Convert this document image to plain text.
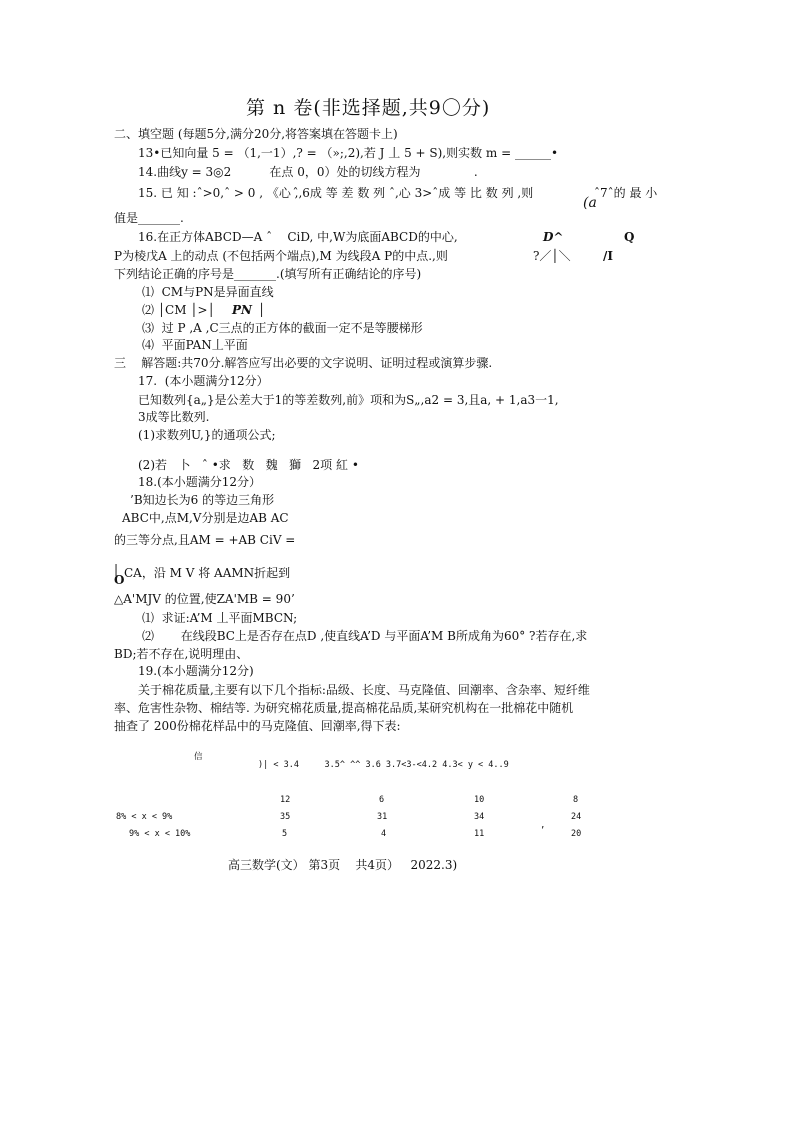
第 n 卷(非选择题,共9〇分)
二、填空题 (每题5分,满分20分,将答案填在答题卡上)
13•已知向量 5 = （1,一1）,? = （»;,2),若 J 丄 5 + S),则实数 m = ______•
14.曲线y = 3◎2          在点 0，0）处的切线方程为              .
15. 已 知 :ˆ>0,ˆ > 0 , 《心 ,̂,6成 等 差 数 列 ˆ,心 3>ˆ成 等 比 数 列 ,则	ˆ7ˆ的 最 小
(a
值是_______.
16.在正方体ABCD—A ˆ    CiD, 中,W为底面ABCD的中心,	D^	Q
P为棱戊A 上的动点 (不包括两个端点),M 为线段A P的中点.,则	?／│＼	/I
下列结论正确的序号是_______.(填写所有正确结论的序号)
⑴  CM与PN是异面直线
⑵ │CM │>│ PN │
⑶  过 P ,A ,C三点的正方体的截面一定不是等腰梯形
⑷  平面PAN丄平面
三    解答题:共70分.解答应写出必要的文字说明、证明过程或演算步骤.
17.  (本小题满分12分）
已知数列{a„}是公差大于1的等差数列,前》项和为S„,a2 = 3,且a, + 1,a3一1,
3成等比数列.
(1)求数列U,}的通项公式;
(2)若   卜   ˆ •求   数   魏   獅   2项 紅 •
18.(本小题满分12分）
’B知边长为6 的等边三角形
ABC中,点M,V分别是边AB AC
的三等分点,且AM = +AB CiV =
| CA，沿 M V 将 AAMN折起到
O
△A'MJV 的位置,使ZA'MB = 90’
⑴  求证:A’M 丄平面MBCN;
⑵       在线段BC上是否存在点D ,使直线A’D 与平面A’M B所成角为60° ?若存在,求
BD;若不存在,说明理由、
19.(本小题满分12分)
关于棉花质量,主要有以下几个指标:品级、长度、马克隆值、回潮率、含杂率、短纤维
率、危害性杂物、棉结等. 为研究棉花质量,提高棉花品质,某研究机构在一批棉花中随机
抽查了 200份棉花样品中的马克隆值、回潮率,得下表:
信
)| < 3.4     3.5^ ^^ 3.6 3.7<3-<4.2 4.3< y < 4..9
12	6	10	8
8% < x < 9%	35	31	34	24
9% < x < 10%	5	4	11	’	20
高三数学(文） 第3页    共4页）   2022.3)
